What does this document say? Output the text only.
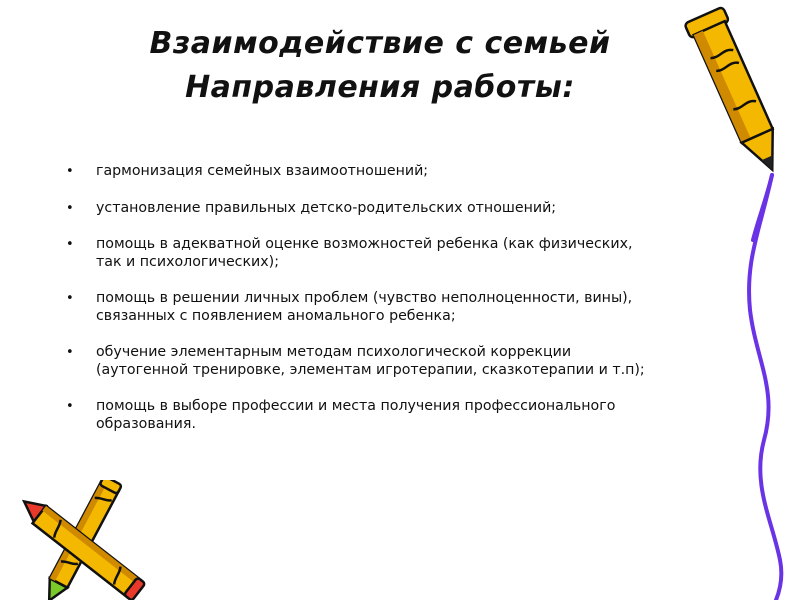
Взаимодействие с семьей
Направления работы:
• гармонизация семейных взаимоотношений;
• установление правильных детско-родительских отношений;
• помощь в адекватной оценке возможностей ребенка (как физических,
так и психологических);
• помощь в решении личных проблем (чувство неполноценности, вины),
связанных с появлением аномального ребенка;
• обучение элементарным методам психологической коррекции
(аутогенной тренировке, элементам игротерапии, сказкотерапии и т.п);
• помощь в выборе профессии и места получения профессионального
образования.
